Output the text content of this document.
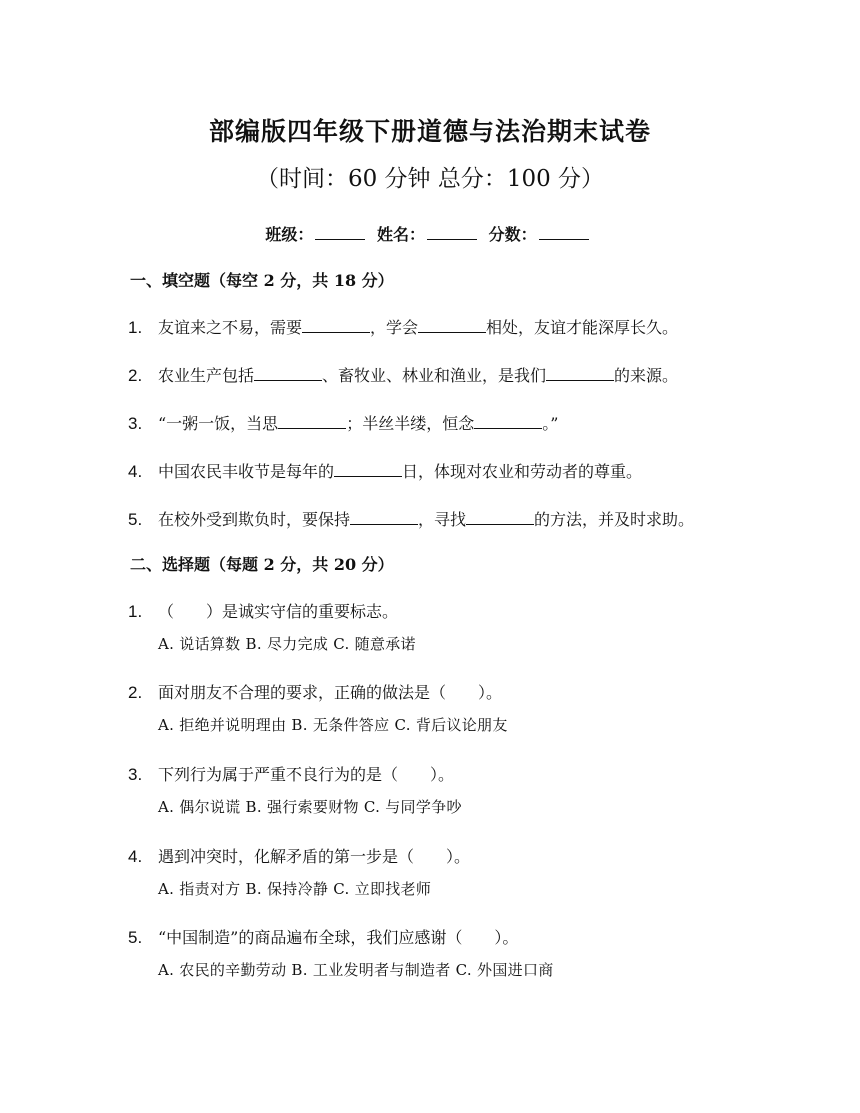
部编版四年级下册道德与法治期末试卷
（时间：60 分钟 总分：100 分）
班级：	姓名：	分数：
一、填空题（每空 2 分，共 18 分）
1. 友谊来之不易，需要	，学会	相处，友谊才能深厚长久。
2. 农业生产包括	、畜牧业、林业和渔业，是我们	的来源。
3. “一粥一饭，当思	；半丝半缕，恒念	。”
4. 中国农民丰收节是每年的	日，体现对农业和劳动者的尊重。
5. 在校外受到欺负时，要保持	，寻找	的方法，并及时求助。
二、选择题（每题 2 分，共 20 分）
1. （　　）是诚实守信的重要标志。
A. 说话算数 B. 尽力完成 C. 随意承诺
2. 面对朋友不合理的要求，正确的做法是（　　）。
A. 拒绝并说明理由 B. 无条件答应 C. 背后议论朋友
3. 下列行为属于严重不良行为的是（　　）。
A. 偶尔说谎 B. 强行索要财物 C. 与同学争吵
4. 遇到冲突时，化解矛盾的第一步是（　　）。
A. 指责对方 B. 保持冷静 C. 立即找老师
5. “中国制造”的商品遍布全球，我们应感谢（　　）。
A. 农民的辛勤劳动 B. 工业发明者与制造者 C. 外国进口商
